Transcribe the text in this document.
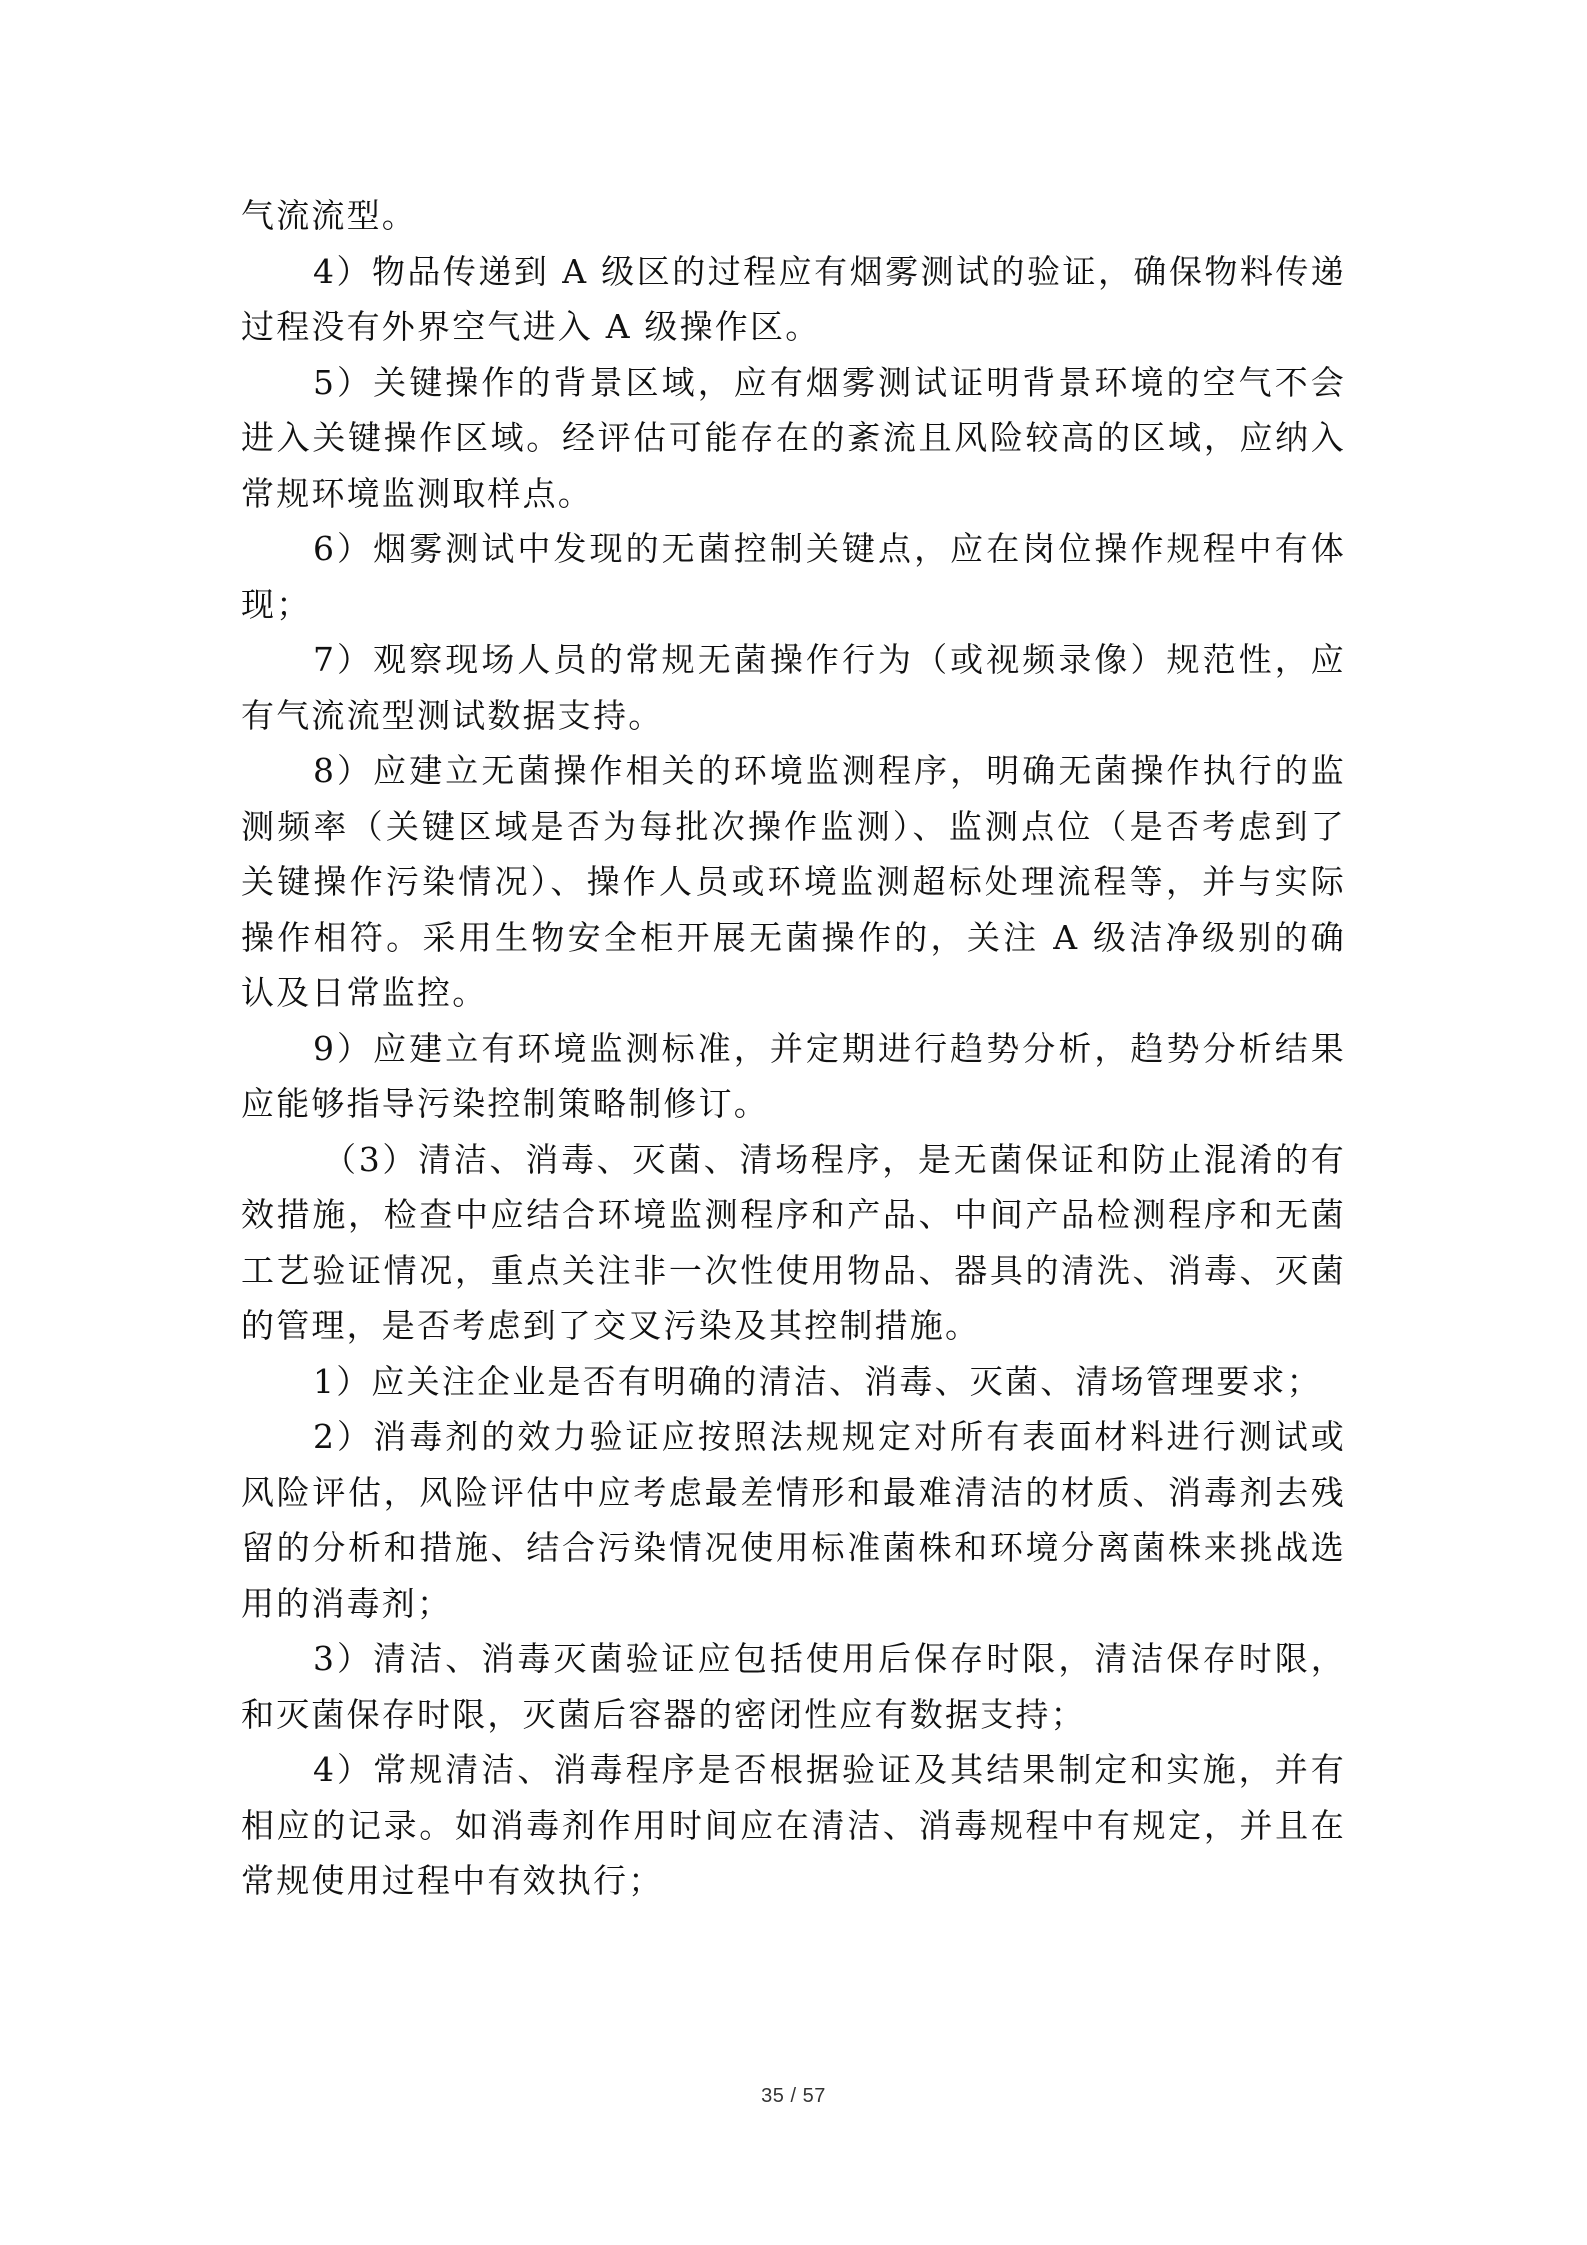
气流流型。

4）物品传递到 A 级区的过程应有烟雾测试的验证，确保物料传递过程没有外界空气进入 A 级操作区。

5）关键操作的背景区域，应有烟雾测试证明背景环境的空气不会进入关键操作区域。经评估可能存在的紊流且风险较高的区域，应纳入常规环境监测取样点。

6）烟雾测试中发现的无菌控制关键点，应在岗位操作规程中有体现；

7）观察现场人员的常规无菌操作行为（或视频录像）规范性，应有气流流型测试数据支持。

8）应建立无菌操作相关的环境监测程序，明确无菌操作执行的监测频率（关键区域是否为每批次操作监测）、监测点位（是否考虑到了关键操作污染情况）、操作人员或环境监测超标处理流程等，并与实际操作相符。采用生物安全柜开展无菌操作的，关注 A 级洁净级别的确认及日常监控。

9）应建立有环境监测标准，并定期进行趋势分析，趋势分析结果应能够指导污染控制策略制修订。

（3）清洁、消毒、灭菌、清场程序，是无菌保证和防止混淆的有效措施，检查中应结合环境监测程序和产品、中间产品检测程序和无菌工艺验证情况，重点关注非一次性使用物品、器具的清洗、消毒、灭菌的管理，是否考虑到了交叉污染及其控制措施。

1）应关注企业是否有明确的清洁、消毒、灭菌、清场管理要求；

2）消毒剂的效力验证应按照法规规定对所有表面材料进行测试或风险评估，风险评估中应考虑最差情形和最难清洁的材质、消毒剂去残留的分析和措施、结合污染情况使用标准菌株和环境分离菌株来挑战选用的消毒剂；

3）清洁、消毒灭菌验证应包括使用后保存时限，清洁保存时限，和灭菌保存时限，灭菌后容器的密闭性应有数据支持；

4）常规清洁、消毒程序是否根据验证及其结果制定和实施，并有相应的记录。如消毒剂作用时间应在清洁、消毒规程中有规定，并且在常规使用过程中有效执行；

35 / 57
